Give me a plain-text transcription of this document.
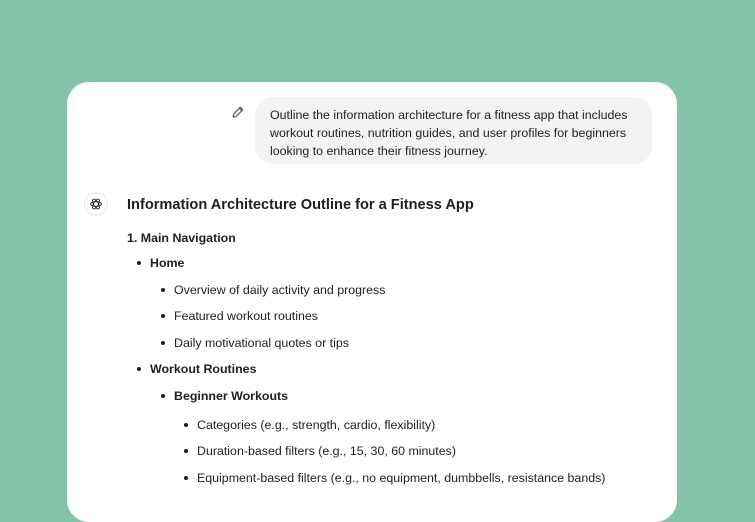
Outline the information architecture for a fitness app that includes workout routines, nutrition guides, and user profiles for beginners looking to enhance their fitness journey.
Information Architecture Outline for a Fitness App
1. Main Navigation
Home
Overview of daily activity and progress
Featured workout routines
Daily motivational quotes or tips
Workout Routines
Beginner Workouts
Categories (e.g., strength, cardio, flexibility)
Duration-based filters (e.g., 15, 30, 60 minutes)
Equipment-based filters (e.g., no equipment, dumbbells, resistance bands)
